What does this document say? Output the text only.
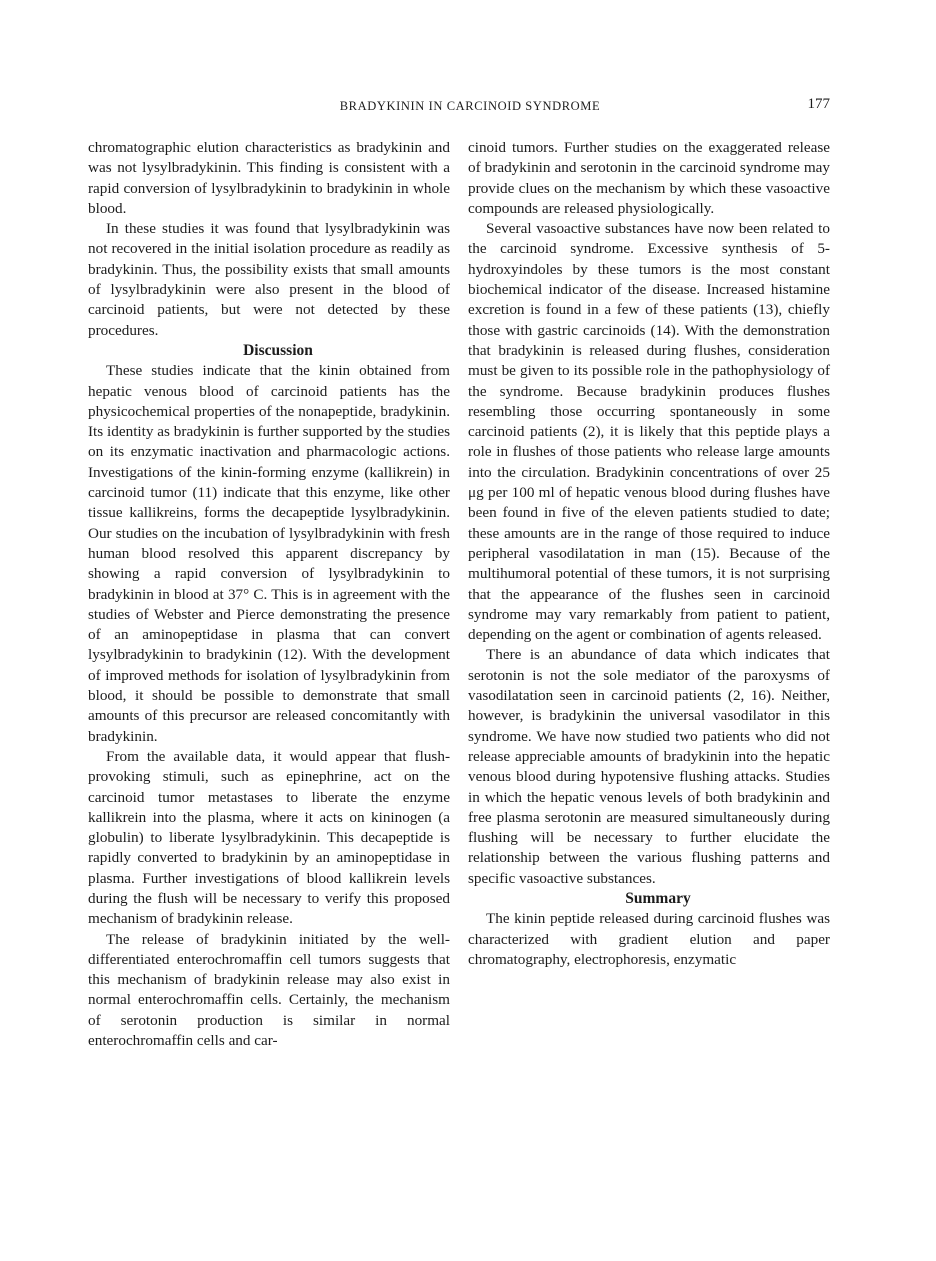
BRADYKININ IN CARCINOID SYNDROME	177

chromatographic elution characteristics as bradykinin and was not lysylbradykinin. This finding is consistent with a rapid conversion of lysylbradykinin to bradykinin in whole blood.

In these studies it was found that lysylbradykinin was not recovered in the initial isolation procedure as readily as bradykinin. Thus, the possibility exists that small amounts of lysylbradykinin were also present in the blood of carcinoid patients, but were not detected by these procedures.

Discussion

These studies indicate that the kinin obtained from hepatic venous blood of carcinoid patients has the physicochemical properties of the nonapeptide, bradykinin. Its identity as bradykinin is further supported by the studies on its enzymatic inactivation and pharmacologic actions. Investigations of the kinin-forming enzyme (kallikrein) in carcinoid tumor (11) indicate that this enzyme, like other tissue kallikreins, forms the decapeptide lysylbradykinin. Our studies on the incubation of lysylbradykinin with fresh human blood resolved this apparent discrepancy by showing a rapid conversion of lysylbradykinin to bradykinin in blood at 37° C. This is in agreement with the studies of Webster and Pierce demonstrating the presence of an aminopeptidase in plasma that can convert lysylbradykinin to bradykinin (12). With the development of improved methods for isolation of lysylbradykinin from blood, it should be possible to demonstrate that small amounts of this precursor are released concomitantly with bradykinin.

From the available data, it would appear that flush-provoking stimuli, such as epinephrine, act on the carcinoid tumor metastases to liberate the enzyme kallikrein into the plasma, where it acts on kininogen (a globulin) to liberate lysylbradykinin. This decapeptide is rapidly converted to bradykinin by an aminopeptidase in plasma. Further investigations of blood kallikrein levels during the flush will be necessary to verify this proposed mechanism of bradykinin release.

The release of bradykinin initiated by the well-differentiated enterochromaffin cell tumors suggests that this mechanism of bradykinin release may also exist in normal enterochromaffin cells. Certainly, the mechanism of serotonin production is similar in normal enterochromaffin cells and car-

cinoid tumors. Further studies on the exaggerated release of bradykinin and serotonin in the carcinoid syndrome may provide clues on the mechanism by which these vasoactive compounds are released physiologically.

Several vasoactive substances have now been related to the carcinoid syndrome. Excessive synthesis of 5-hydroxyindoles by these tumors is the most constant biochemical indicator of the disease. Increased histamine excretion is found in a few of these patients (13), chiefly those with gastric carcinoids (14). With the demonstration that bradykinin is released during flushes, consideration must be given to its possible role in the pathophysiology of the syndrome. Because bradykinin produces flushes resembling those occurring spontaneously in some carcinoid patients (2), it is likely that this peptide plays a role in flushes of those patients who release large amounts into the circulation. Bradykinin concentrations of over 25 μg per 100 ml of hepatic venous blood during flushes have been found in five of the eleven patients studied to date; these amounts are in the range of those required to induce peripheral vasodilatation in man (15). Because of the multihumoral potential of these tumors, it is not surprising that the appearance of the flushes seen in carcinoid syndrome may vary remarkably from patient to patient, depending on the agent or combination of agents released.

There is an abundance of data which indicates that serotonin is not the sole mediator of the paroxysms of vasodilatation seen in carcinoid patients (2, 16). Neither, however, is bradykinin the universal vasodilator in this syndrome. We have now studied two patients who did not release appreciable amounts of bradykinin into the hepatic venous blood during hypotensive flushing attacks. Studies in which the hepatic venous levels of both bradykinin and free plasma serotonin are measured simultaneously during flushing will be necessary to further elucidate the relationship between the various flushing patterns and specific vasoactive substances.

Summary

The kinin peptide released during carcinoid flushes was characterized with gradient elution and paper chromatography, electrophoresis, enzymatic
